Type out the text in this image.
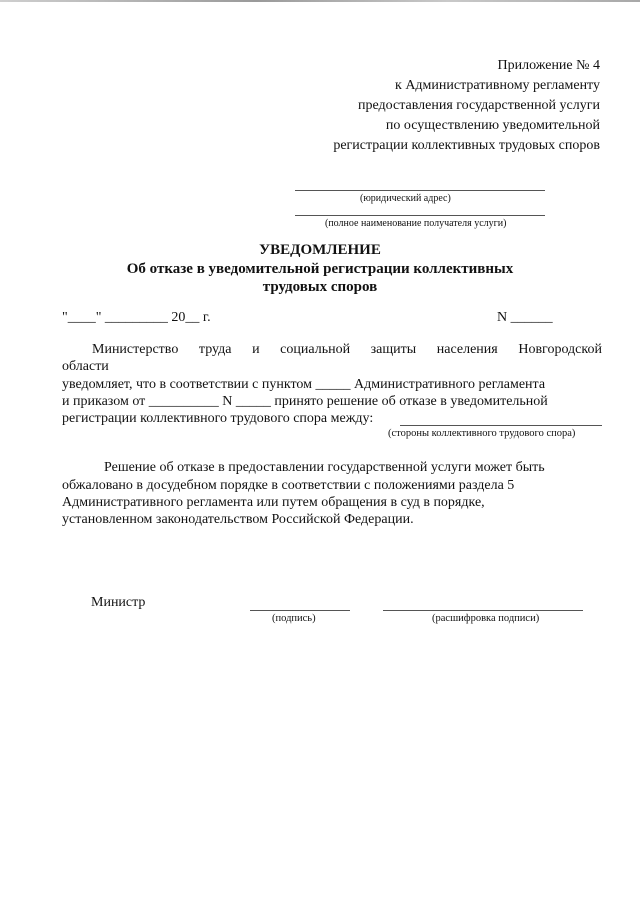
Приложение № 4
к Административному регламенту
предоставления государственной услуги
по осуществлению уведомительной
регистрации коллективных трудовых споров
(юридический адрес)
(полное наименование получателя услуги)
УВЕДОМЛЕНИЕ
Об отказе в уведомительной регистрации коллективных
трудовых споров
"____" _________ 20__ г.	N ______
Министерство труда и социальной защиты населения Новгородской
области
уведомляет, что в соответствии с пунктом _____ Административного регламента
и приказом от __________ N _____ принято решение об отказе в уведомительной
регистрации коллективного трудового спора между:
(стороны коллективного трудового спора)
Решение об отказе в предоставлении государственной услуги может быть
обжаловано в досудебном порядке в соответствии с положениями раздела 5
Административного регламента или путем обращения в суд в порядке,
установленном законодательством Российской Федерации.
Министр
(подпись)	(расшифровка подписи)
